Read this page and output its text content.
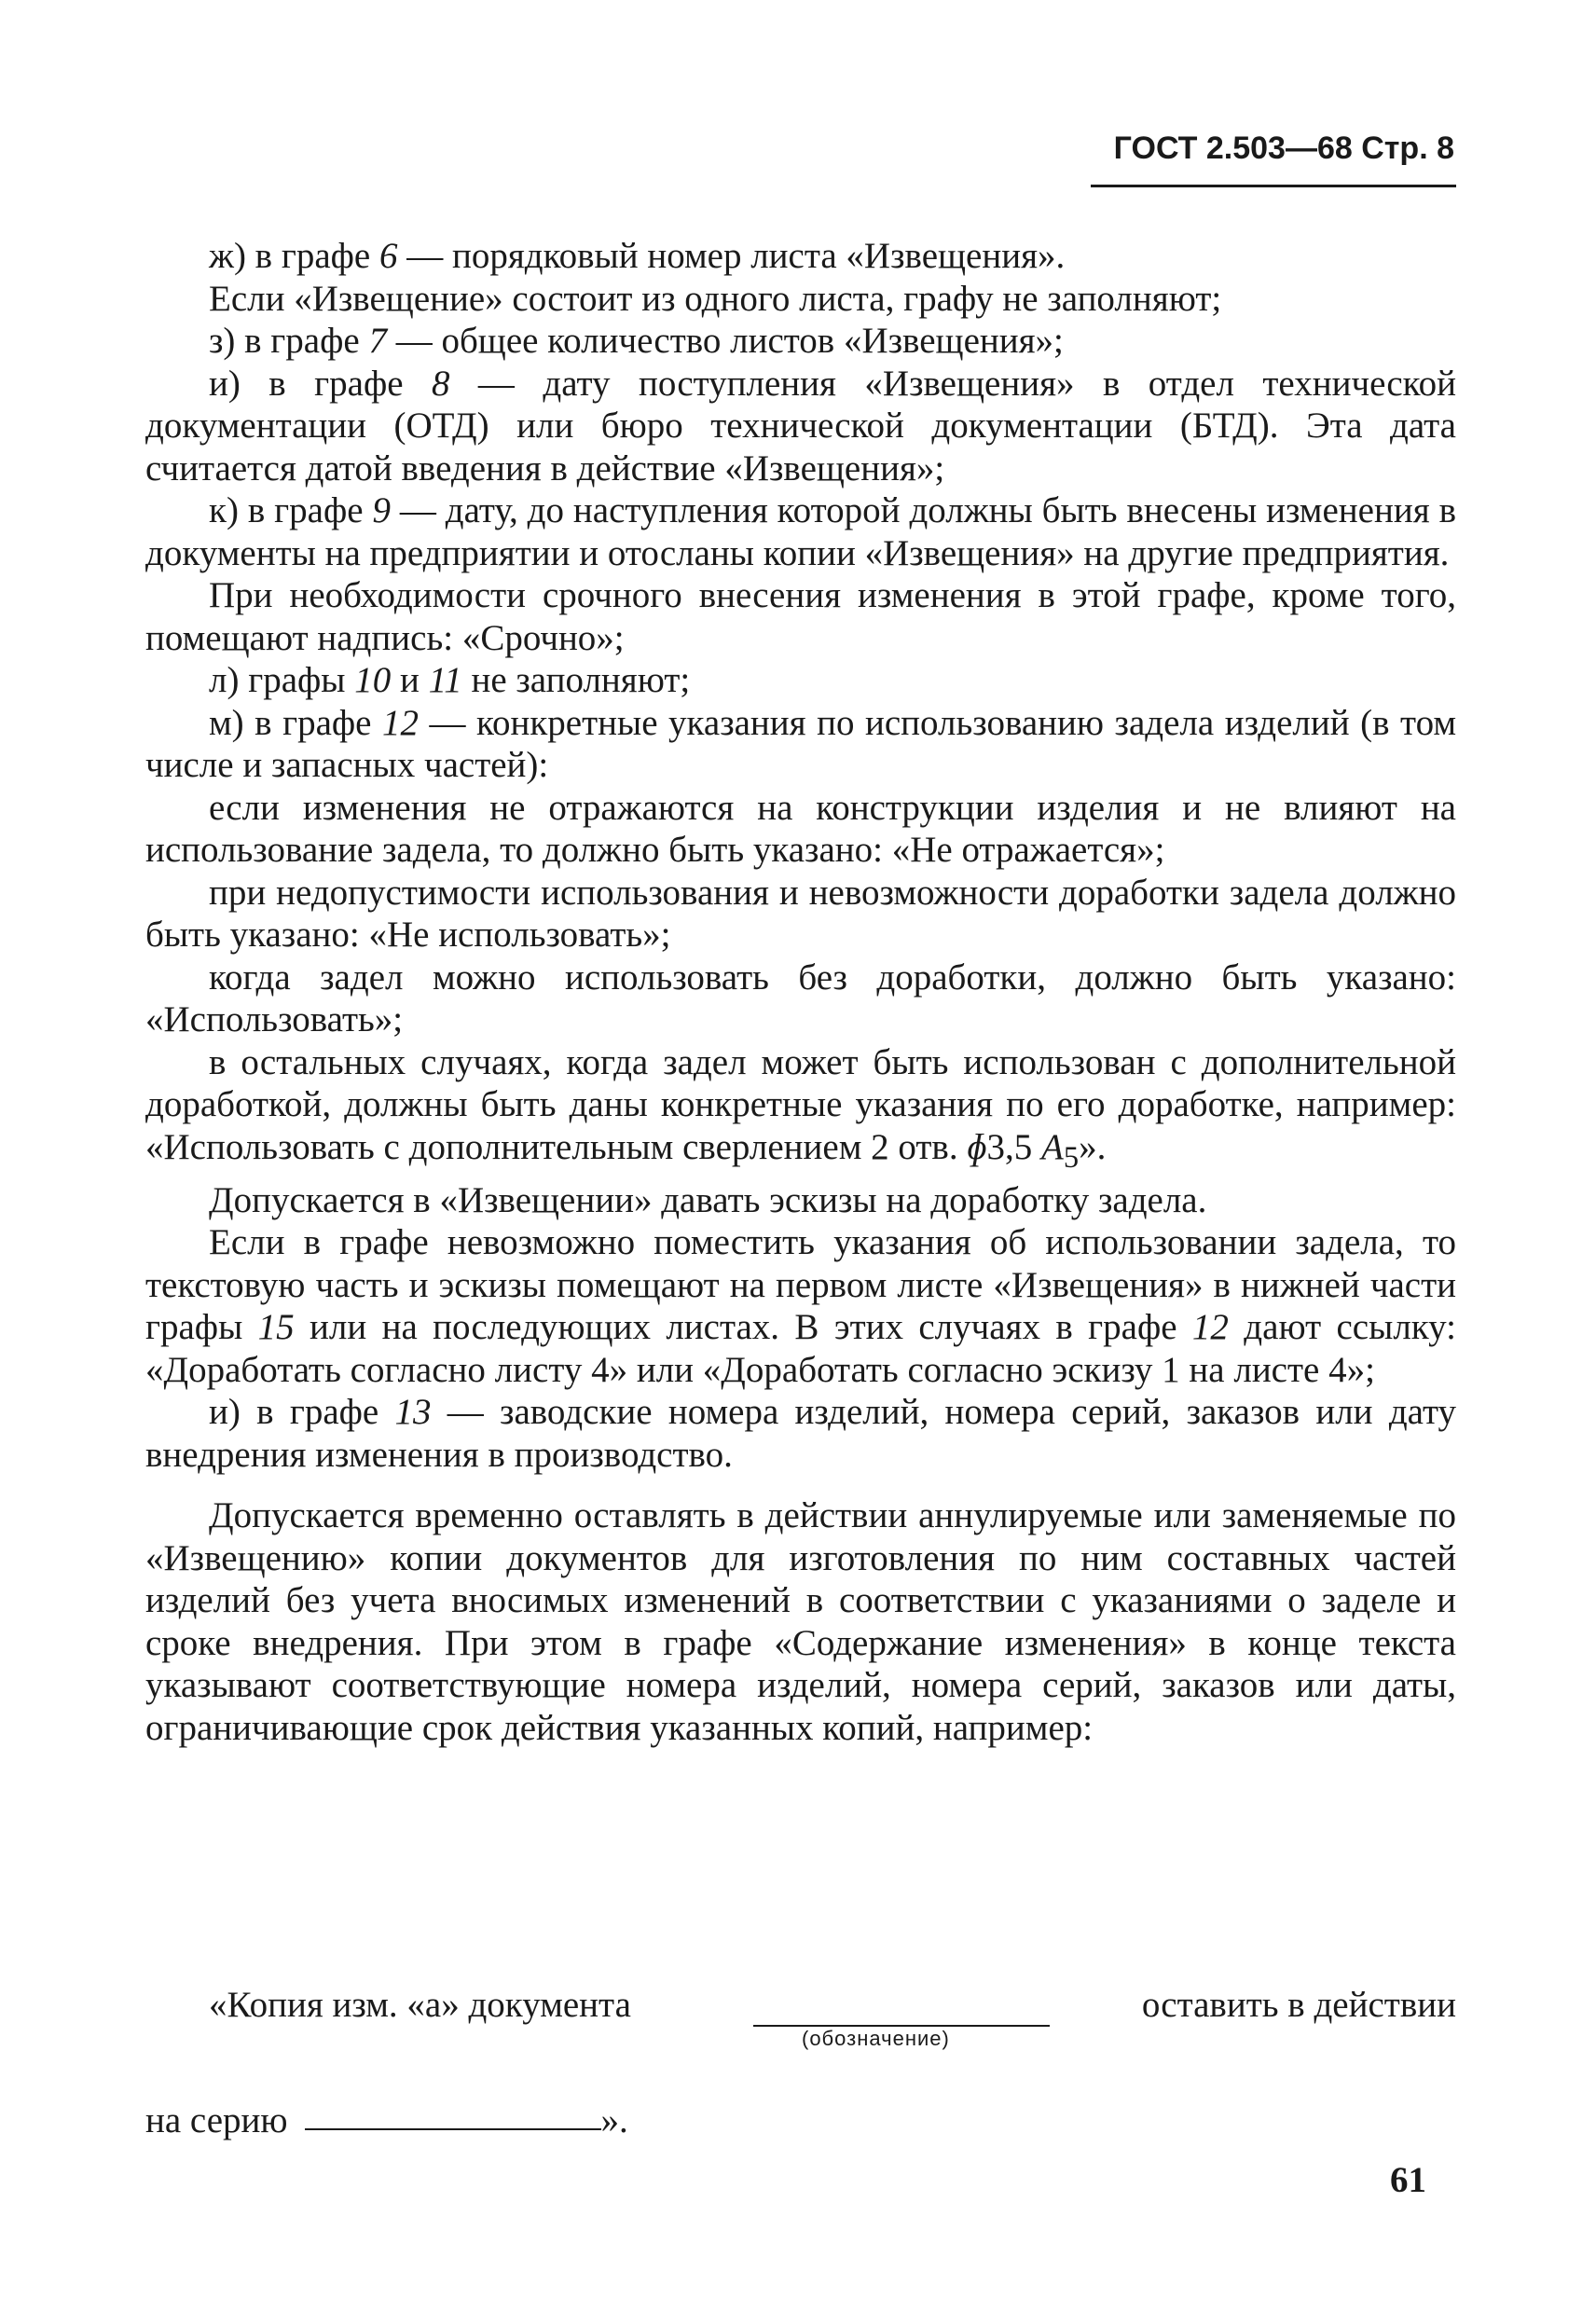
ГОСТ 2.503—68 Стр. 8

ж) в графе 6 — порядковый номер листа «Извещения».

Если «Извещение» состоит из одного листа, графу не заполняют;

з) в графе 7 — общее количество листов «Извещения»;

и) в графе 8 — дату поступления «Извещения» в отдел технической документации (ОТД) или бюро технической документации (БТД). Эта дата считается датой введения в действие «Извещения»;

к) в графе 9 — дату, до наступления которой должны быть внесены изменения в документы на предприятии и отосланы копии «Извещения» на другие предприятия.

При необходимости срочного внесения изменения в этой графе, кроме того, помещают надпись: «Срочно»;

л) графы 10 и 11 не заполняют;

м) в графе 12 — конкретные указания по использованию задела изделий (в том числе и запасных частей):

если изменения не отражаются на конструкции изделия и не влияют на использование задела, то должно быть указано: «Не отражается»;

при недопустимости использования и невозможности доработки задела должно быть указано: «Не использовать»;

когда задел можно использовать без доработки, должно быть указано: «Использовать»;

в остальных случаях, когда задел может быть использован с дополнительной доработкой, должны быть даны конкретные указания по его доработке, например: «Использовать с дополнительным сверлением 2 отв. ɸ3,5 $A_5$».

Допускается в «Извещении» давать эскизы на доработку задела.

Если в графе невозможно поместить указания об использовании задела, то текстовую часть и эскизы помещают на первом листе «Извещения» в нижней части графы 15 или на последующих листах. В этих случаях в графе 12 дают ссылку: «Доработать согласно листу 4» или «Доработать согласно эскизу 1 на листе 4»;

и) в графе 13 — заводские номера изделий, номера серий, заказов или дату внедрения изменения в производство.

Допускается временно оставлять в действии аннулируемые или заменяемые по «Извещению» копии документов для изготовления по ним составных частей изделий без учета вносимых изменений в соответствии с указаниями о заделе и сроке внедрения. При этом в графе «Содержание изменения» в конце текста указывают соответствующие номера изделий, номера серий, заказов или даты, ограничивающие срок действия указанных копий, например:

«Копия изм. «а» документа
(обозначение)
оставить в действии
на серию	».
61
